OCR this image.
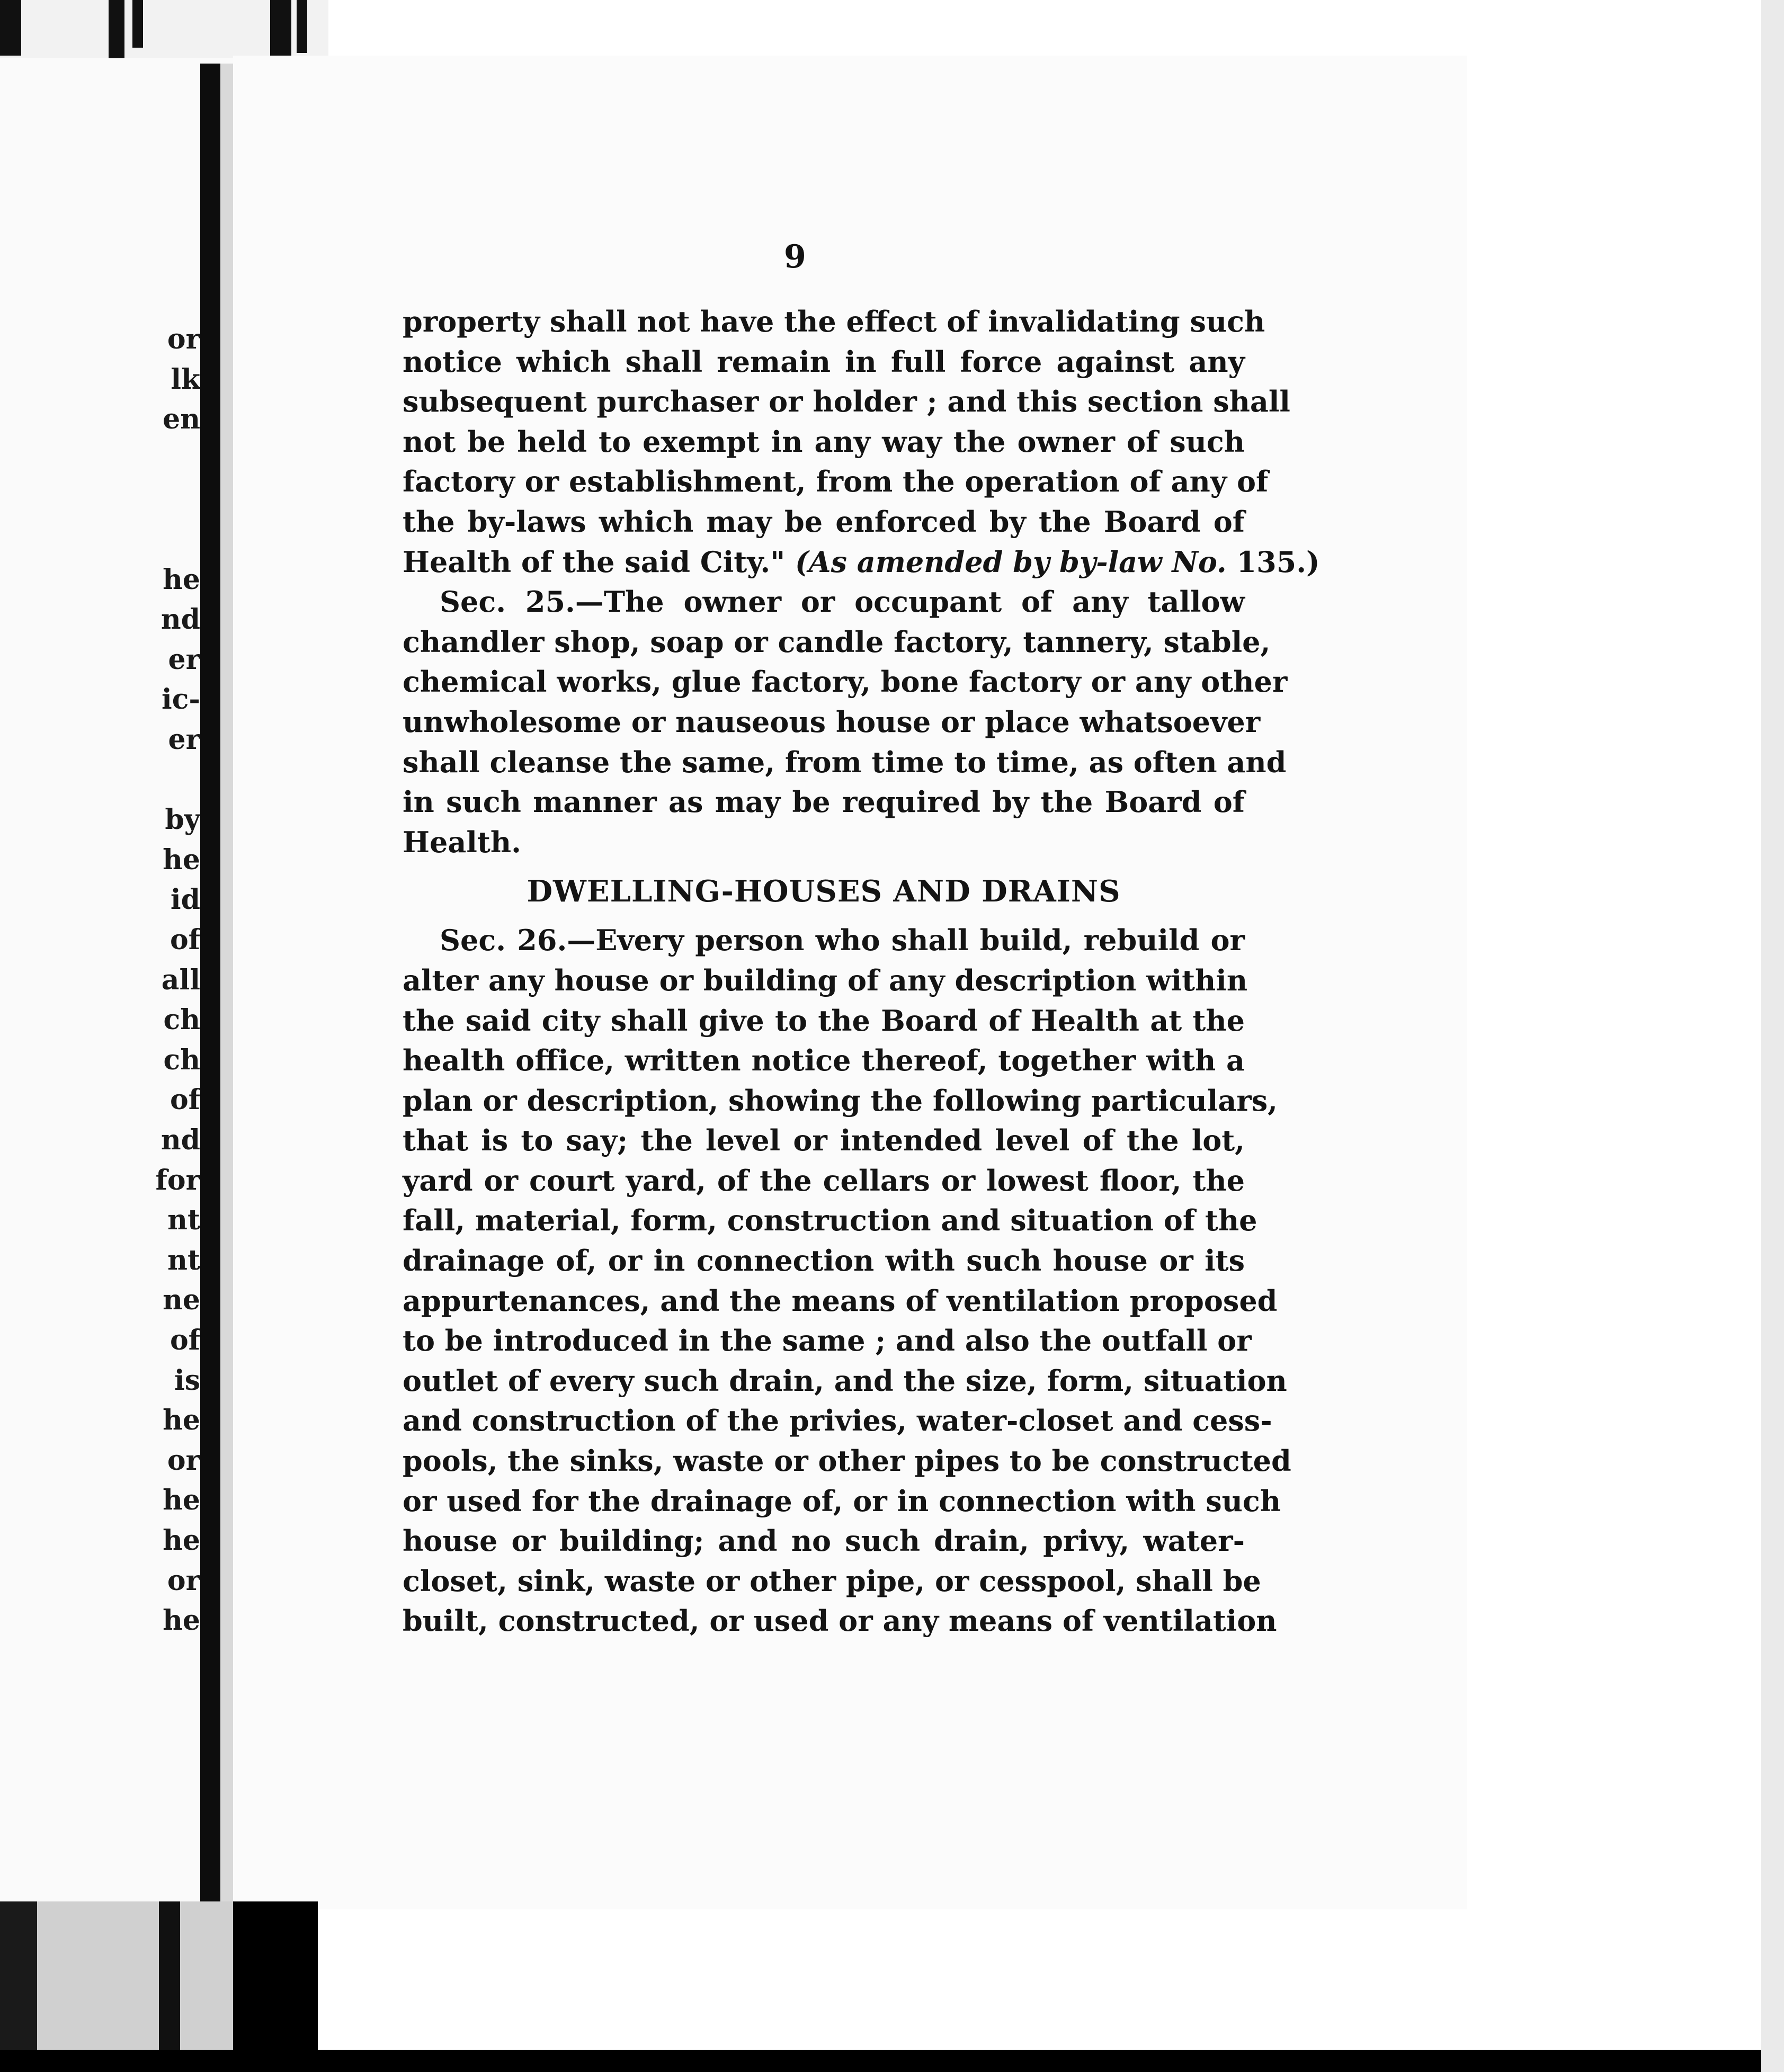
or
lk
en
he
nd
er
ic-
er
by
he
id
of
all
ch
ch
of
nd
for
nt
nt
ne
of
is
he
or
he
he
or
he
9
property shall not have the effect of invalidating such
notice which shall remain in full force against any
subsequent purchaser or holder ; and this section shall
not be held to exempt in any way the owner of such
factory or establishment, from the operation of any of
the by-laws which may be enforced by the Board of
Health of the said City." (As amended by by-law No. 135.)
Sec. 25.—The owner or occupant of any tallow
chandler shop, soap or candle factory, tannery, stable,
chemical works, glue factory, bone factory or any other
unwholesome or nauseous house or place whatsoever
shall cleanse the same, from time to time, as often and
in such manner as may be required by the Board of
Health.
DWELLING-HOUSES AND DRAINS
Sec. 26.—Every person who shall build, rebuild or
alter any house or building of any description within
the said city shall give to the Board of Health at the
health office, written notice thereof, together with a
plan or description, showing the following particulars,
that is to say; the level or intended level of the lot,
yard or court yard, of the cellars or lowest floor, the
fall, material, form, construction and situation of the
drainage of, or in connection with such house or its
appurtenances, and the means of ventilation proposed
to be introduced in the same ; and also the outfall or
outlet of every such drain, and the size, form, situation
and construction of the privies, water-closet and cess-
pools, the sinks, waste or other pipes to be constructed
or used for the drainage of, or in connection with such
house or building; and no such drain, privy, water-
closet, sink, waste or other pipe, or cesspool, shall be
built, constructed, or used or any means of ventilation
